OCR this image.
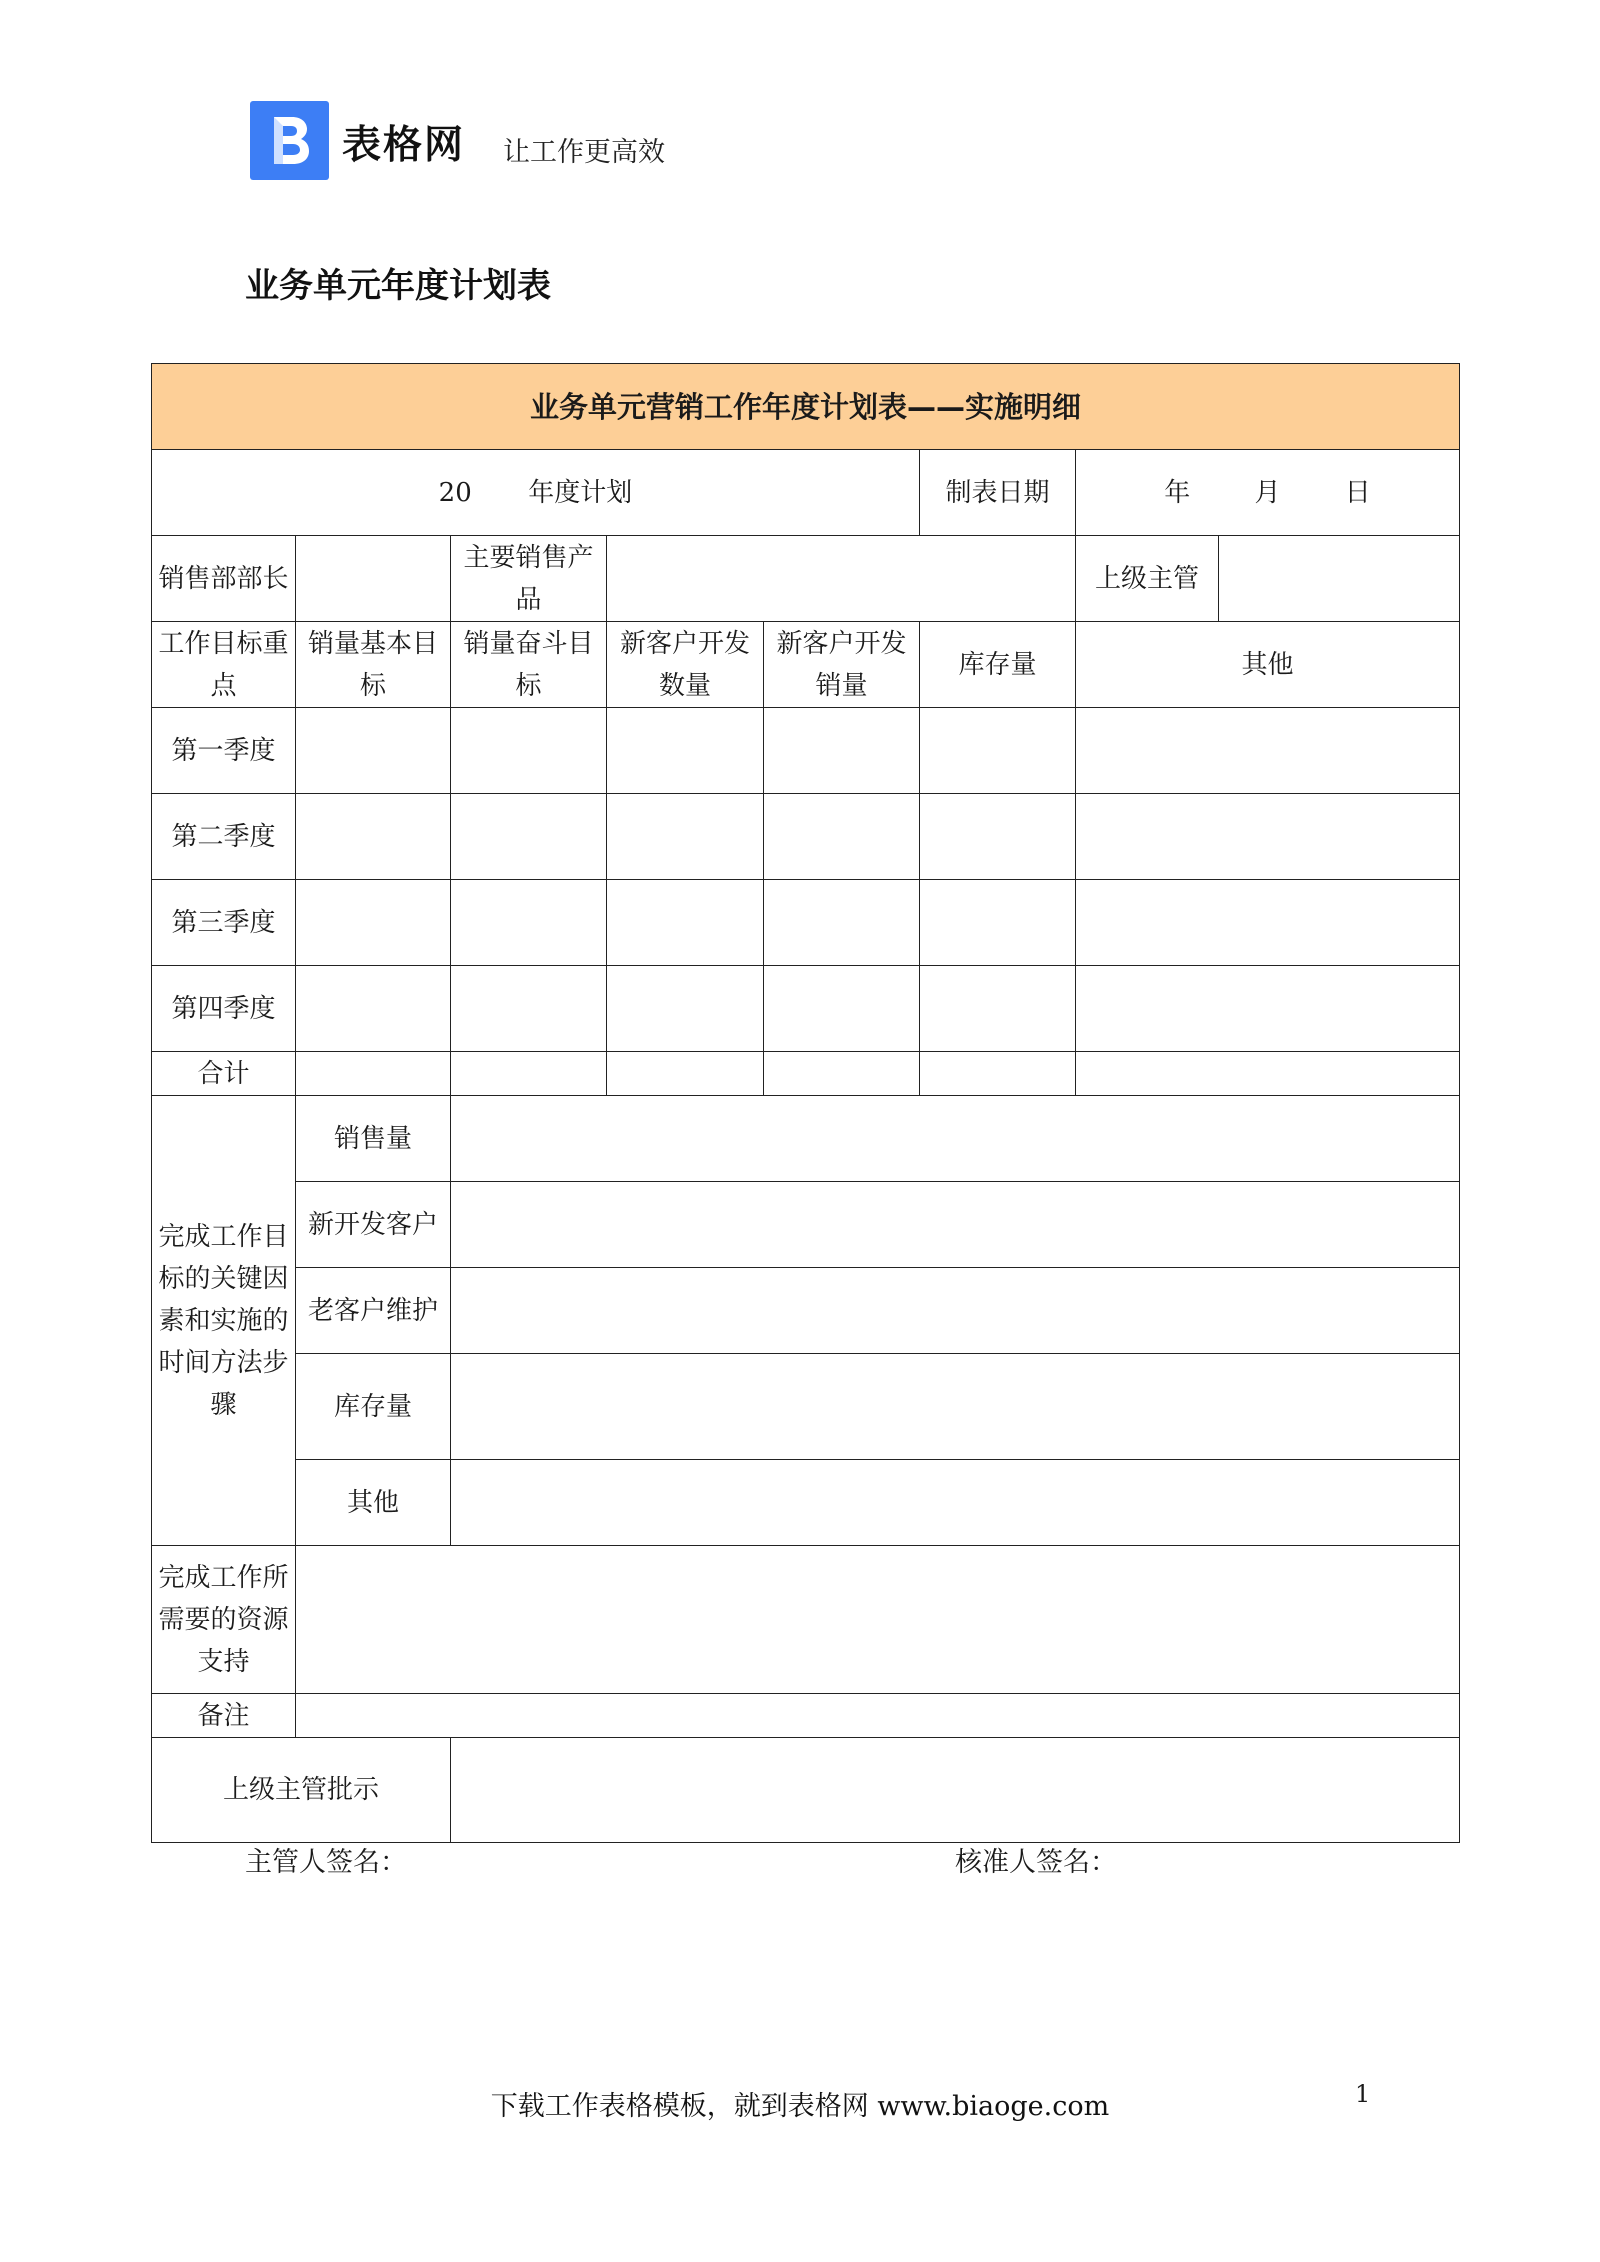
表格网 让工作更高效
业务单元年度计划表
业务单元营销工作年度计划表——实施明细							
20 年度计划					制表日期	年 月 日	
销售部部长		主要销售产品				上级主管	
工作目标重点	销量基本目标	销量奋斗目标	新客户开发数量	新客户开发销量	库存量	其他	
第一季度							
第二季度							
第三季度							
第四季度							
合计							
完成工作目标的关键因素和实施的时间方法步骤	销售量						
	新开发客户						
	老客户维护						
	库存量						
	其他						
完成工作所需要的资源支持							
备注							
上级主管批示							
主管人签名：	核准人签名：
下载工作表格模板，就到表格网 www.biaoge.com	1
